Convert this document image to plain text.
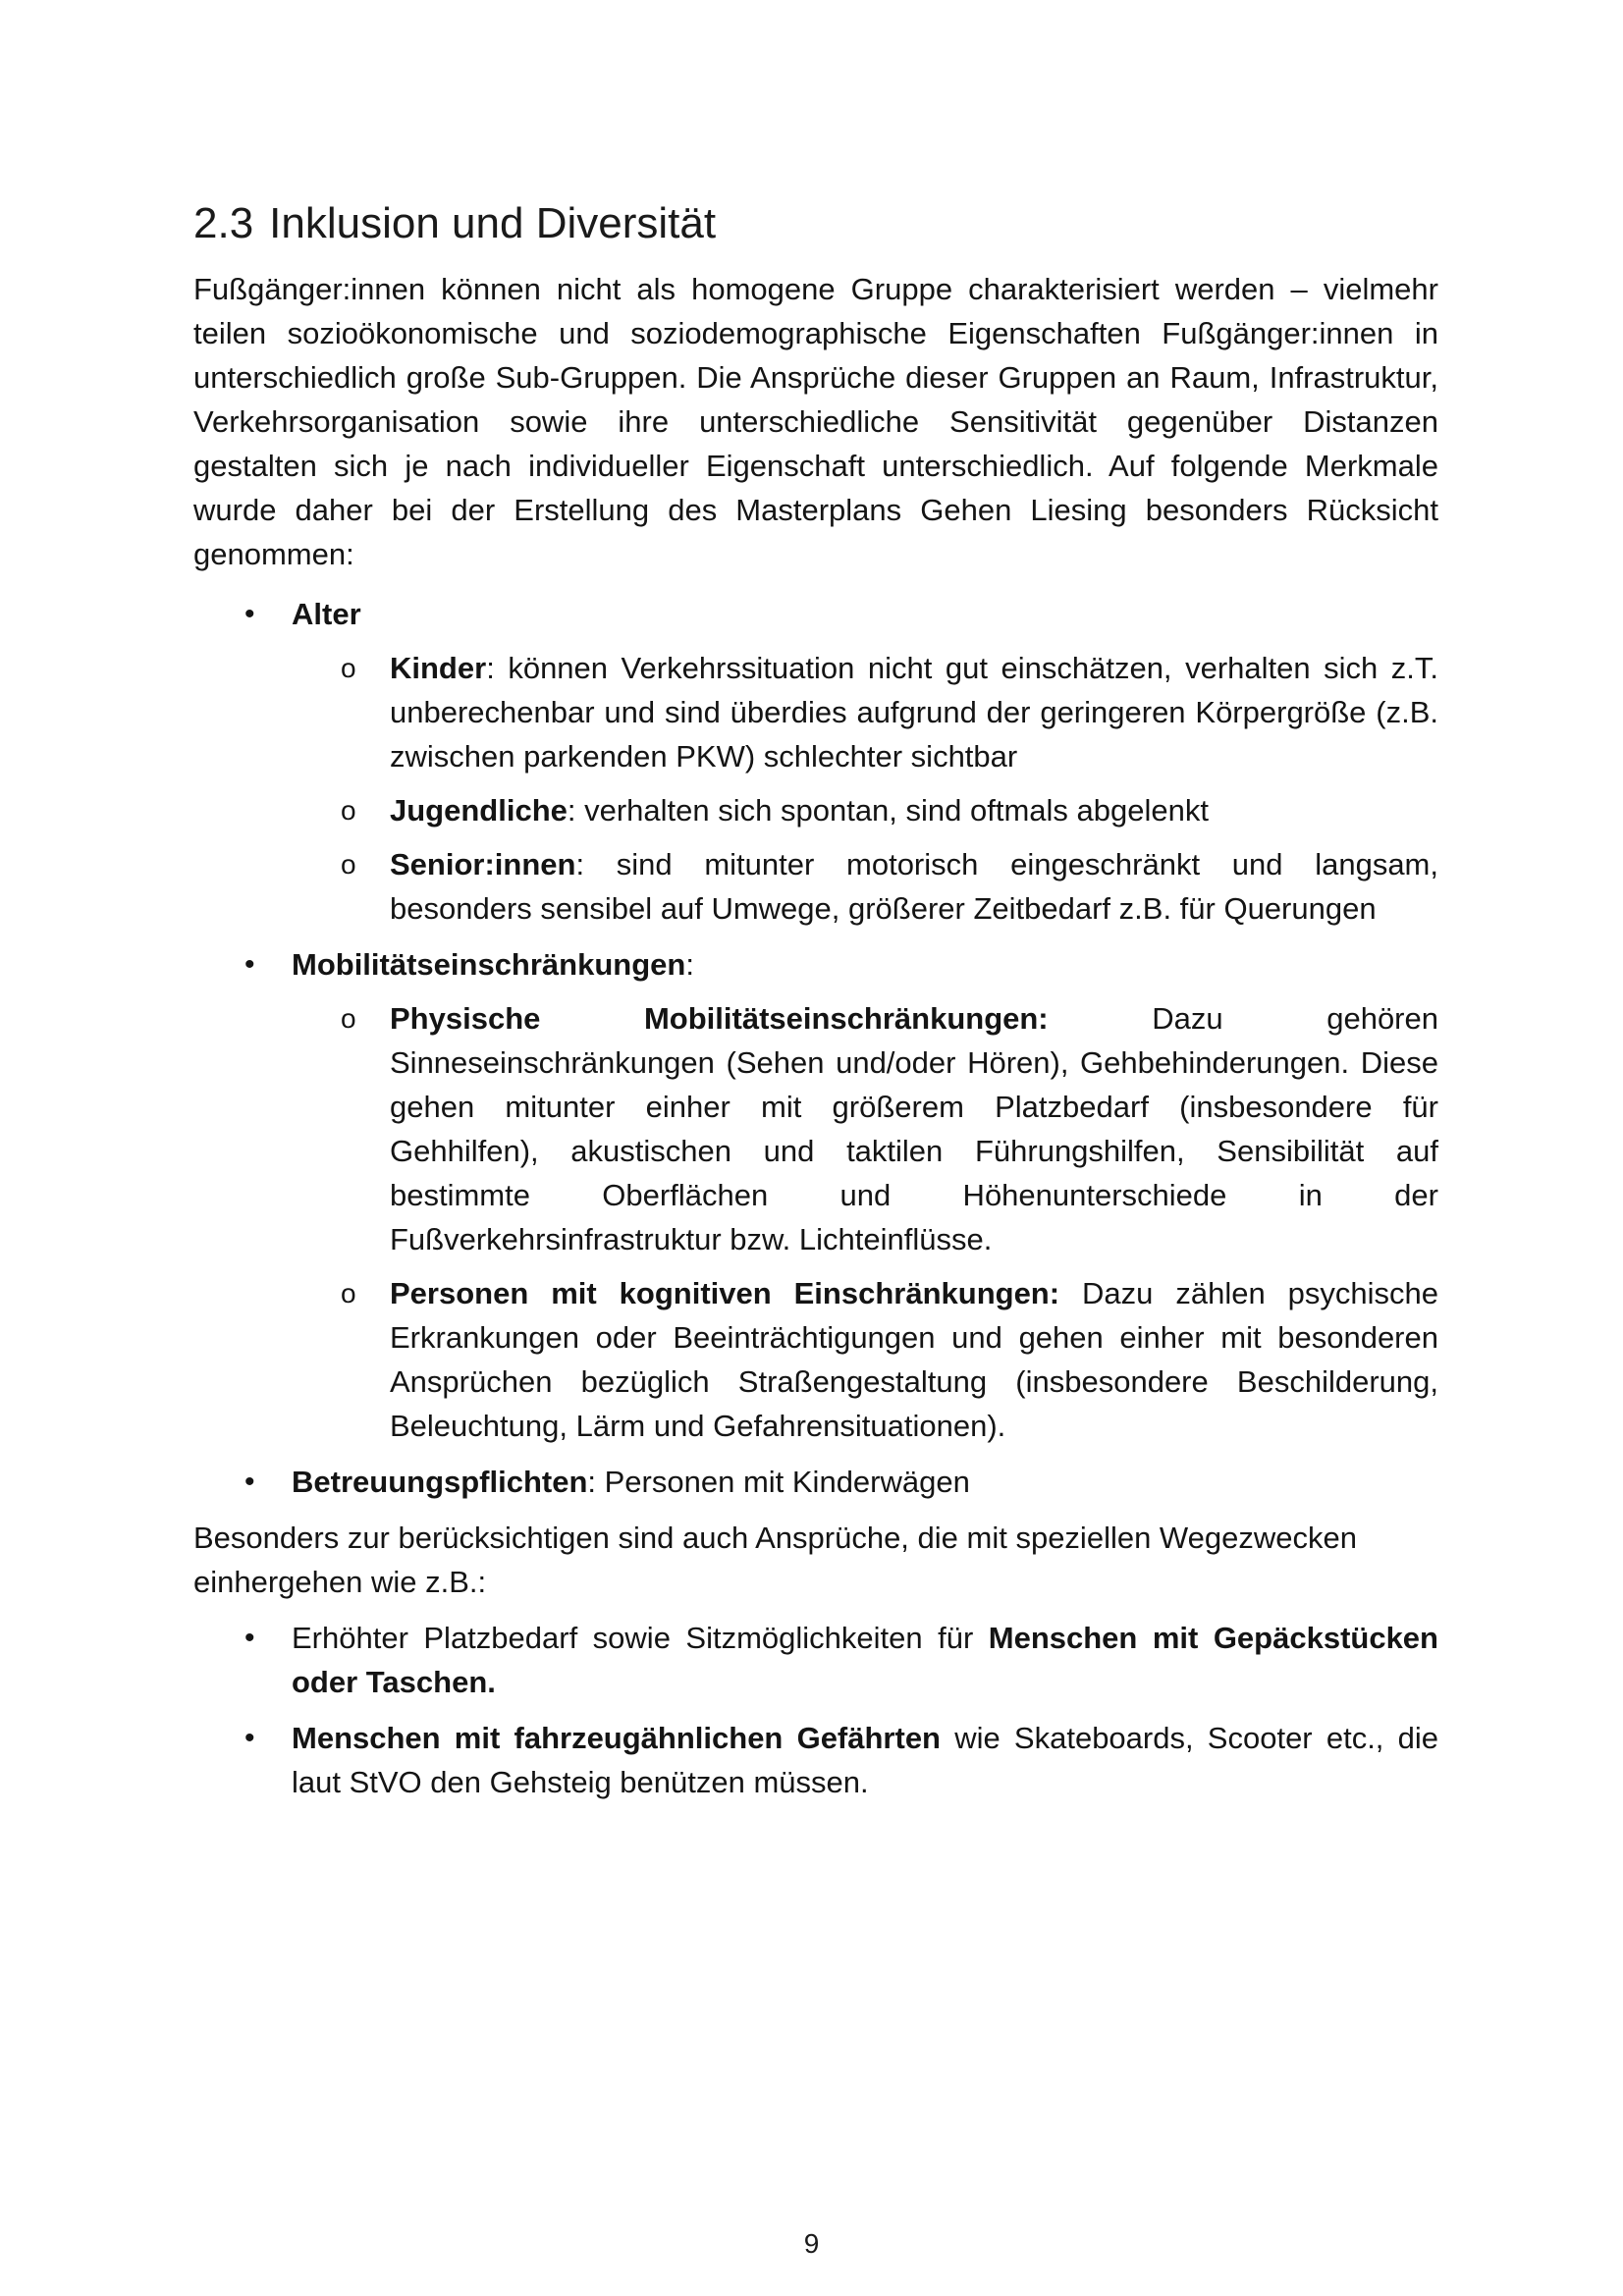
2.3 Inklusion und Diversität

Fußgänger:innen können nicht als homogene Gruppe charakterisiert werden – vielmehr teilen sozioökonomische und soziodemographische Eigenschaften Fußgänger:innen in unterschiedlich große Sub-Gruppen. Die Ansprüche dieser Gruppen an Raum, Infrastruktur, Verkehrsorganisation sowie ihre unterschiedliche Sensitivität gegenüber Distanzen gestalten sich je nach individueller Eigenschaft unterschiedlich. Auf folgende Merkmale wurde daher bei der Erstellung des Masterplans Gehen Liesing besonders Rücksicht genommen:

• Alter
o Kinder: können Verkehrssituation nicht gut einschätzen, verhalten sich z.T. unberechenbar und sind überdies aufgrund der geringeren Körpergröße (z.B. zwischen parkenden PKW) schlechter sichtbar
o Jugendliche: verhalten sich spontan, sind oftmals abgelenkt
o Senior:innen: sind mitunter motorisch eingeschränkt und langsam, besonders sensibel auf Umwege, größerer Zeitbedarf z.B. für Querungen
• Mobilitätseinschränkungen:
o Physische Mobilitätseinschränkungen: Dazu gehören Sinneseinschränkungen (Sehen und/oder Hören), Gehbehinderungen. Diese gehen mitunter einher mit größerem Platzbedarf (insbesondere für Gehhilfen), akustischen und taktilen Führungshilfen, Sensibilität auf bestimmte Oberflächen und Höhenunterschiede in der Fußverkehrsinfrastruktur bzw. Lichteinflüsse.
o Personen mit kognitiven Einschränkungen: Dazu zählen psychische Erkrankungen oder Beeinträchtigungen und gehen einher mit besonderen Ansprüchen bezüglich Straßengestaltung (insbesondere Beschilderung, Beleuchtung, Lärm und Gefahrensituationen).
• Betreuungspflichten: Personen mit Kinderwägen

Besonders zur berücksichtigen sind auch Ansprüche, die mit speziellen Wegezwecken einhergehen wie z.B.:

• Erhöhter Platzbedarf sowie Sitzmöglichkeiten für Menschen mit Gepäckstücken oder Taschen.
• Menschen mit fahrzeugähnlichen Gefährten wie Skateboards, Scooter etc., die laut StVO den Gehsteig benützen müssen.
9
